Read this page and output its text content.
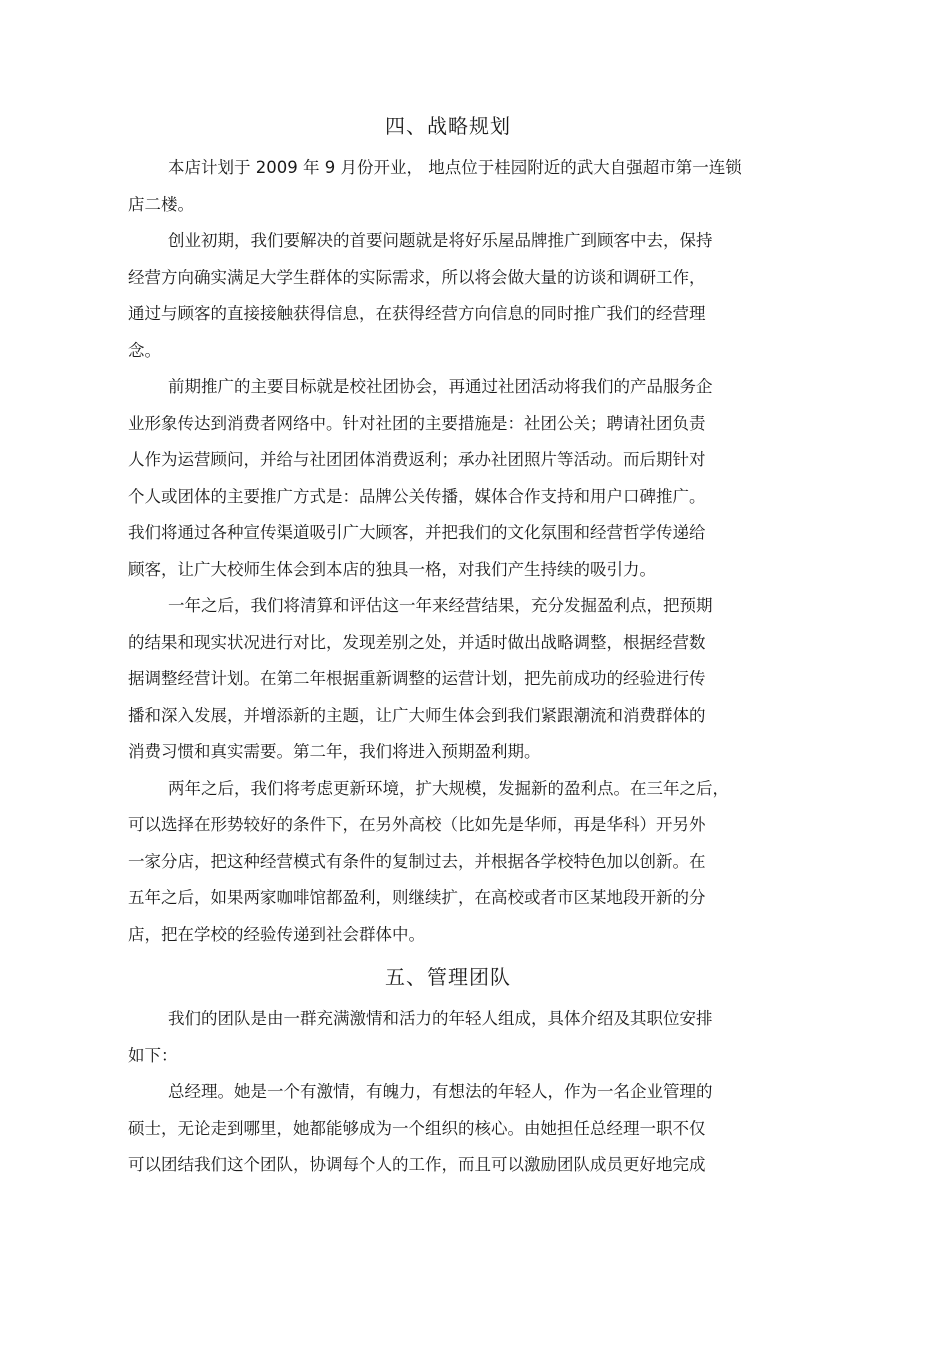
四、战略规划

本店计划于 2009 年 9 月份开业， 地点位于桂园附近的武大自强超市第一连锁
店二楼。

创业初期，我们要解决的首要问题就是将好乐屋品牌推广到顾客中去，保持
经营方向确实满足大学生群体的实际需求，所以将会做大量的访谈和调研工作，
通过与顾客的直接接触获得信息，在获得经营方向信息的同时推广我们的经营理
念。

前期推广的主要目标就是校社团协会，再通过社团活动将我们的产品服务企
业形象传达到消费者网络中。针对社团的主要措施是：社团公关；聘请社团负责
人作为运营顾问，并给与社团团体消费返利；承办社团照片等活动。而后期针对
个人或团体的主要推广方式是：品牌公关传播，媒体合作支持和用户口碑推广。
我们将通过各种宣传渠道吸引广大顾客，并把我们的文化氛围和经营哲学传递给
顾客，让广大校师生体会到本店的独具一格，对我们产生持续的吸引力。

一年之后，我们将清算和评估这一年来经营结果，充分发掘盈利点，把预期
的结果和现实状况进行对比，发现差别之处，并适时做出战略调整，根据经营数
据调整经营计划。在第二年根据重新调整的运营计划，把先前成功的经验进行传
播和深入发展，并增添新的主题，让广大师生体会到我们紧跟潮流和消费群体的
消费习惯和真实需要。第二年，我们将进入预期盈利期。

两年之后，我们将考虑更新环境，扩大规模，发掘新的盈利点。在三年之后，
可以选择在形势较好的条件下，在另外高校（比如先是华师，再是华科）开另外
一家分店，把这种经营模式有条件的复制过去，并根据各学校特色加以创新。在
五年之后，如果两家咖啡馆都盈利，则继续扩，在高校或者市区某地段开新的分
店，把在学校的经验传递到社会群体中。

五、管理团队

我们的团队是由一群充满激情和活力的年轻人组成，具体介绍及其职位安排
如下：

总经理。她是一个有激情，有魄力，有想法的年轻人，作为一名企业管理的
硕士，无论走到哪里，她都能够成为一个组织的核心。由她担任总经理一职不仅
可以团结我们这个团队，协调每个人的工作，而且可以激励团队成员更好地完成
